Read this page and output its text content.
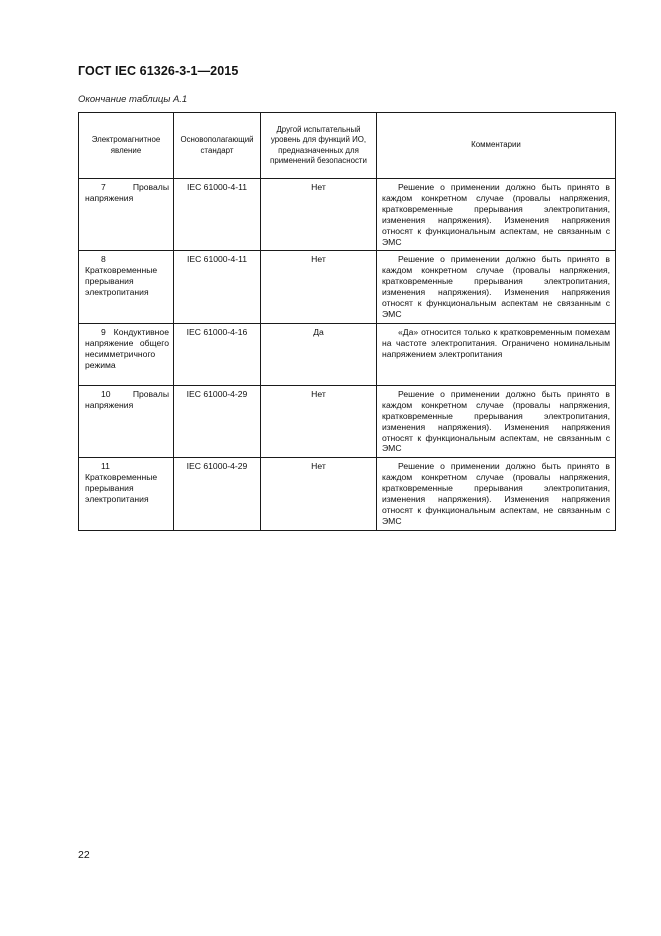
ГОСТ IEC 61326-3-1—2015
Окончание таблицы А.1
Электромагнитное явление	Основополагающий стандарт	Другой испытательный уровень для функций ИО, предназначенных для применений безопасности	Комментарии
7 Провалы напряжения	IEC 61000-4-11	Нет	Решение о применении должно быть принято в каждом конкретном случае (провалы напряжения, кратковременные прерывания электропитания, изменения напряжения). Изменения напряжения относят к функциональным аспектам, не связанным с ЭМС
8 Кратковременные прерывания электропитания	IEC 61000-4-11	Нет	Решение о применении должно быть принято в каждом конкретном случае (провалы напряжения, кратковременные прерывания электропитания, изменения напряжения). Изменения напряжения относят к функциональным аспектам не связанным с ЭМС
9 Кондуктивное напряжение общего несимметричного режима	IEC 61000-4-16	Да	«Да» относится только к кратковременным помехам на частоте электропитания. Ограничено номинальным напряжением электропитания
10 Провалы напряжения	IEC 61000-4-29	Нет	Решение о применении должно быть принято в каждом конкретном случае (провалы напряжения, кратковременные прерывания электропитания, изменения напряжения). Изменения напряжения относят к функциональным аспектам, не связанным с ЭМС
11 Кратковременные прерывания электропитания	IEC 61000-4-29	Нет	Решение о применении должно быть принято в каждом конкретном случае (провалы напряжения, кратковременные прерывания электропитания, изменения напряжения). Изменения напряжения относят к функциональным аспектам, не связанным с ЭМС
22
